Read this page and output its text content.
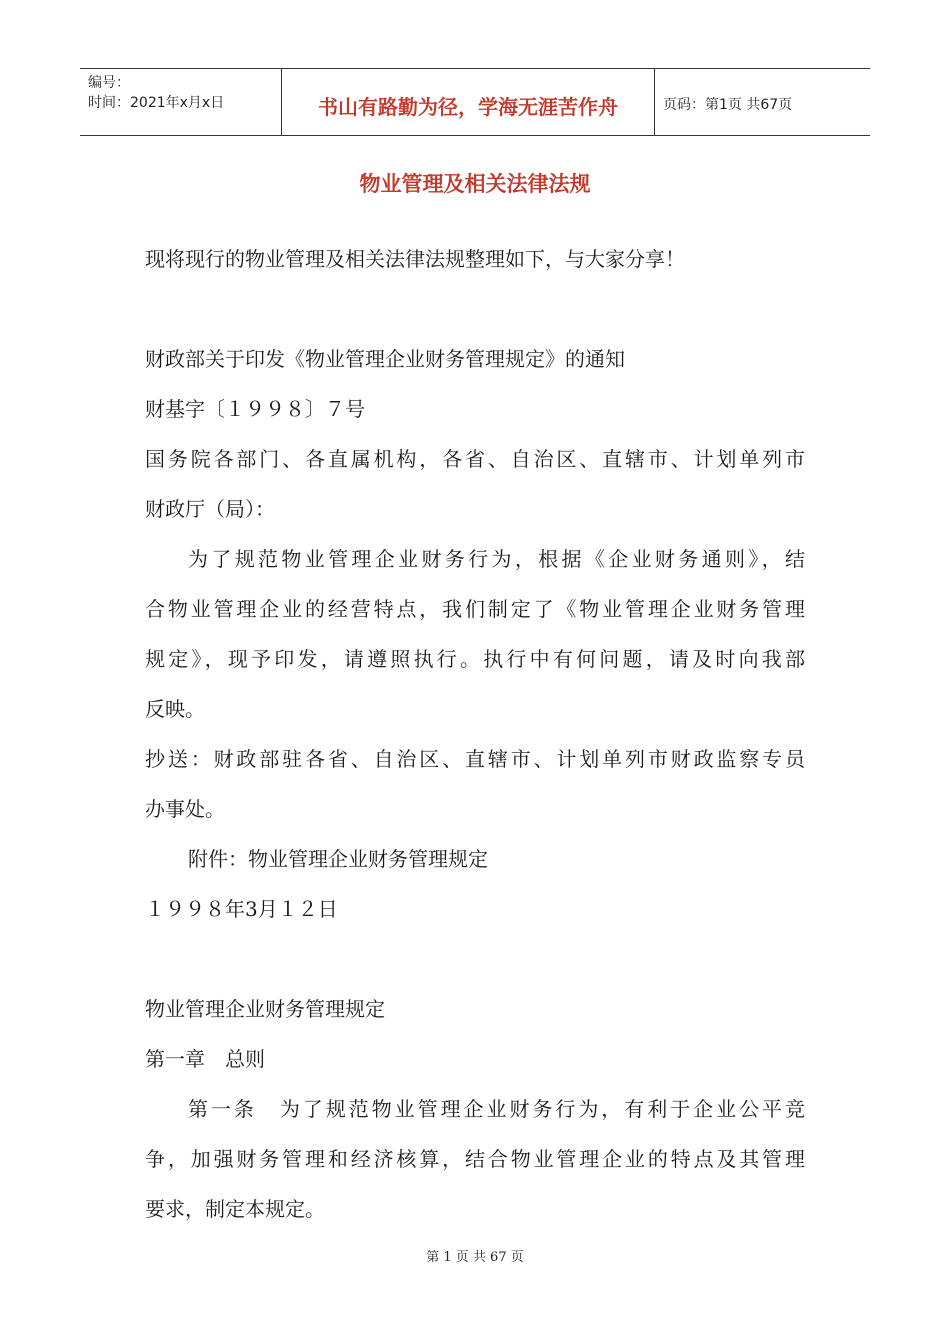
编号：
时间：2021年x月x日	书山有路勤为径，学海无涯苦作舟	页码：第1页 共67页
物业管理及相关法律法规
现将现行的物业管理及相关法律法规整理如下，与大家分享！
财政部关于印发《物业管理企业财务管理规定》的通知
财基字〔１９９８〕７号
国务院各部门、各直属机构，各省、自治区、直辖市、计划单列市
财政厅（局）：
为了规范物业管理企业财务行为，根据《企业财务通则》，结
合物业管理企业的经营特点，我们制定了《物业管理企业财务管理
规定》，现予印发，请遵照执行。执行中有何问题，请及时向我部
反映。
抄送：财政部驻各省、自治区、直辖市、计划单列市财政监察专员
办事处。
附件：物业管理企业财务管理规定
１９９８年3月１２日
物业管理企业财务管理规定
第一章　总则
第一条　为了规范物业管理企业财务行为，有利于企业公平竞
争，加强财务管理和经济核算，结合物业管理企业的特点及其管理
要求，制定本规定。
第 1 页 共 67 页
